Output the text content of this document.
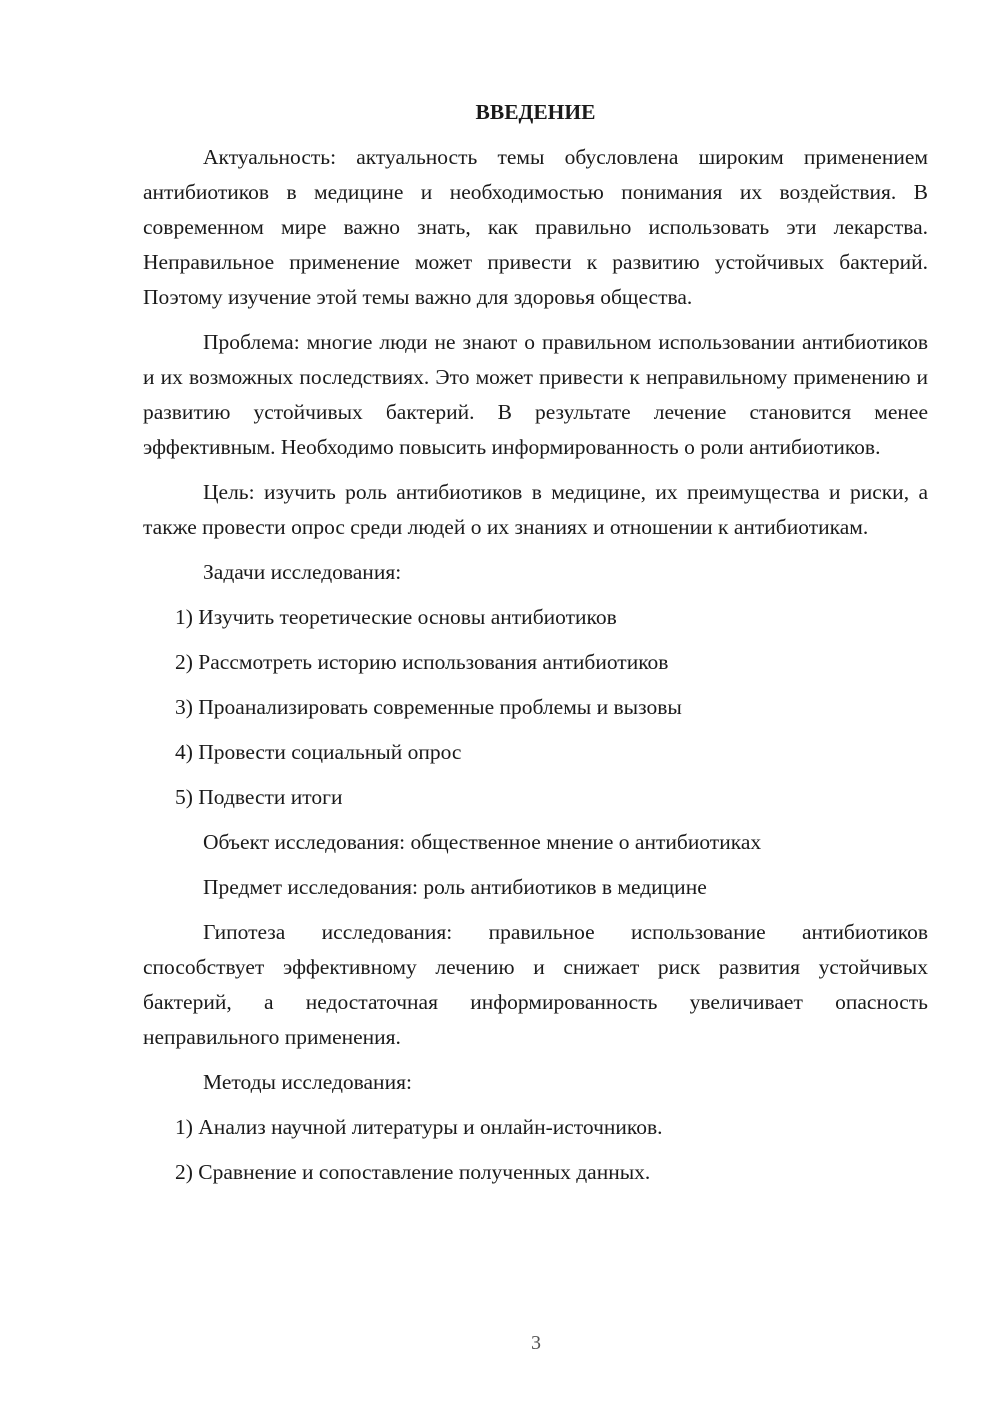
ВВЕДЕНИЕ

Актуальность: актуальность темы обусловлена широким применением антибиотиков в медицине и необходимостью понимания их воздействия. В современном мире важно знать, как правильно использовать эти лекарства. Неправильное применение может привести к развитию устойчивых бактерий. Поэтому изучение этой темы важно для здоровья общества.

Проблема: многие люди не знают о правильном использовании антибиотиков и их возможных последствиях. Это может привести к неправильному применению и развитию устойчивых бактерий. В результате лечение становится менее эффективным. Необходимо повысить информированность о роли антибиотиков.

Цель: изучить роль антибиотиков в медицине, их преимущества и риски, а также провести опрос среди людей о их знаниях и отношении к антибиотикам.

Задачи исследования:
1) Изучить теоретические основы антибиотиков
2) Рассмотреть историю использования антибиотиков
3) Проанализировать современные проблемы и вызовы
4) Провести социальный опрос
5) Подвести итоги
Объект исследования: общественное мнение о антибиотиках
Предмет исследования: роль антибиотиков в медицине

Гипотеза исследования: правильное использование антибиотиков способствует эффективному лечению и снижает риск развития устойчивых бактерий, а недостаточная информированность увеличивает опасность неправильного применения.

Методы исследования:
1) Анализ научной литературы и онлайн-источников.
2) Сравнение и сопоставление полученных данных.
3
